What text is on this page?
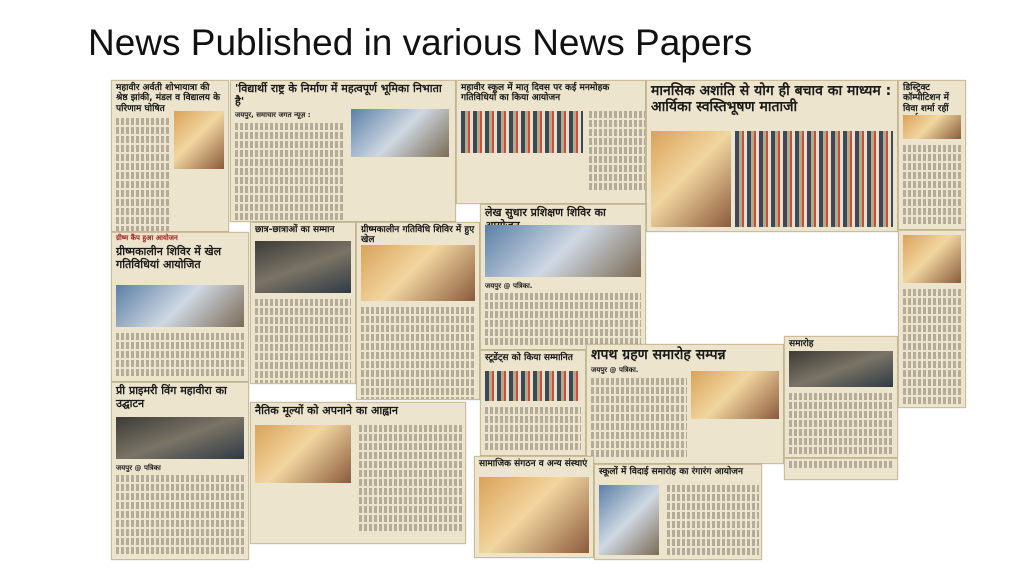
News Published in various News Papers
महावीर अर्वती शोभायात्रा की श्रेष्ठ झांकी, मंडल व विद्यालय के परिणाम घोषित
'विद्यार्थी राष्ट्र के निर्माण में महत्वपूर्ण भूमिका निभाता है'
जयपुर, समाचार जगत न्यूज़ :
महावीर स्कूल में मातृ दिवस पर कई मनमोहक गतिविधियों का किया आयोजन	मानसिक अशांति से योग ही बचाव का माध्यम : आर्यिका स्वस्तिभूषण माताजी
डिस्ट्रिक्ट कॉम्पीटिशन में विवा शर्मा रहीं
ग्रीष्म कैंप हुआ आयोजन
ग्रीष्मकालीन शिविर में खेल गतिविधियां आयोजित
छात्र-छात्राओं का सम्मान	ग्रीष्मकालीन गतिविधि शिविर में हुए खेल
लेख सुधार प्रशिक्षण शिविर का
जयपुर @ पत्रिका.
प्री प्राइमरी विंग महावीरा का उद्घाटन
जयपुर @ पत्रिका
नैतिक मूल्यों को अपनाने का आह्वान
स्टूडेंट्स को किया सम्मानित	शपथ ग्रहण समारोह सम्पन्न
जयपुर @ पत्रिका.
समारोह
सामाजिक संगठन व अन्य संस्थाएं
स्कूलों में विदाई समारोह का रंगारंग आयोजन
